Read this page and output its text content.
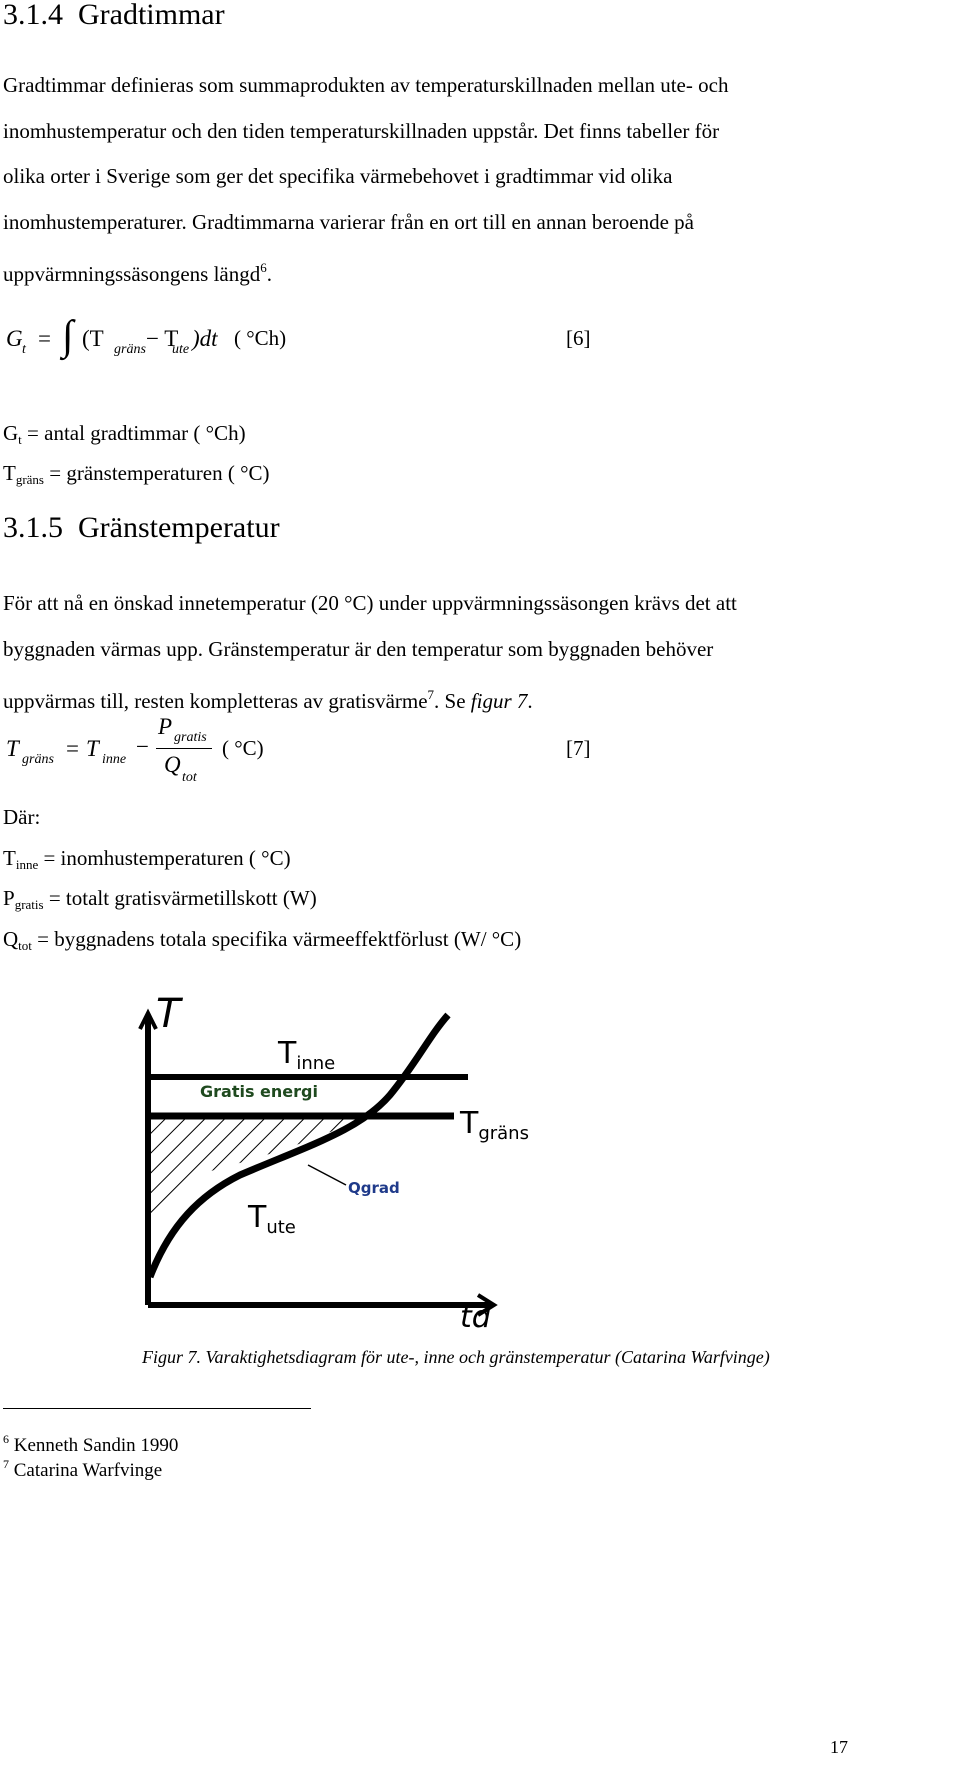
3.1.4 Gradtimmar
Gradtimmar definieras som summaprodukten av temperaturskillnaden mellan ute- och
inomhustemperatur och den tiden temperaturskillnaden uppstår. Det finns tabeller för
olika orter i Sverige som ger det specifika värmebehovet i gradtimmar vid olika
inomhustemperaturer. Gradtimmarna varierar från en ort till en annan beroende på
uppvärmningssäsongens längd$^6$.
G t = ∫ (T gräns − T
ute )dt ( °Ch)	[6]
$G_t$ = antal gradtimmar ( °Ch)
$T_{gräns}$ = gränstemperaturen ( °C)
3.1.5 Gränstemperatur
För att nå en önskad innetemperatur (20 °C) under uppvärmningssäsongen krävs det att
byggnaden värmas upp. Gränstemperatur är den temperatur som byggnaden behöver
uppvärmas till, resten kompletteras av gratisvärme$^7$. Se figur 7.
T gräns = T inne
−
P gratis
Q
tot
( °C)	[7]
Där:
$T_{inne}$ = inomhustemperaturen ( °C)
$P_{gratis}$ = totalt gratisvärmetillskott (W)
$Q_{tot}$ = byggnadens totala specifika värmeeffektförlust (W/ °C)
T
td
$T_{inne}$
Gratis energi
$T_{gräns}$
Qgrad
$T_{ute}$
Figur 7. Varaktighetsdiagram för ute-, inne och gränstemperatur (Catarina Warfvinge)
$^6$ Kenneth Sandin 1990
$^7$ Catarina Warfvinge
17
